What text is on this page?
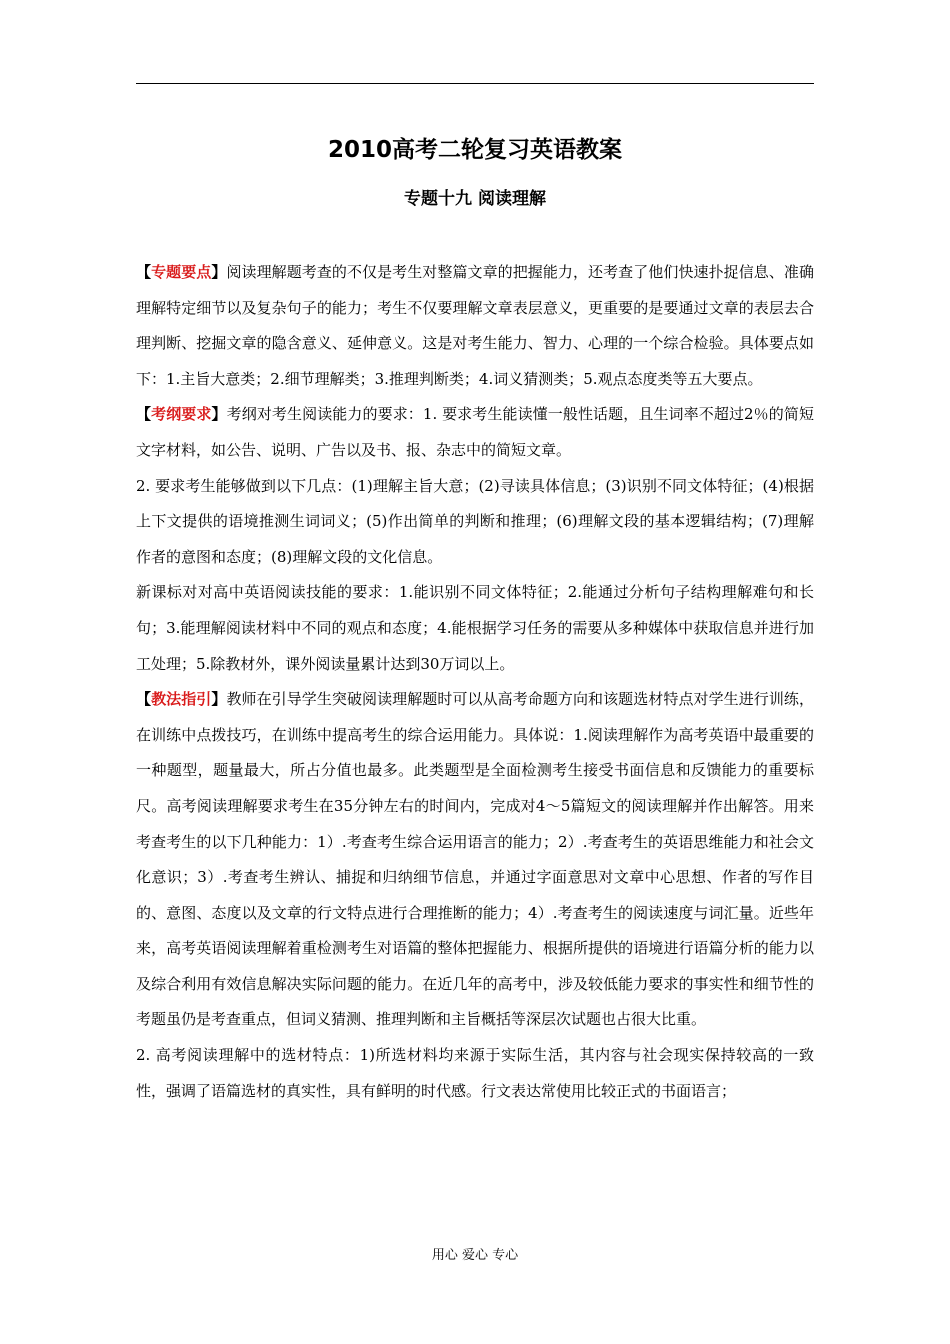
2010高考二轮复习英语教案
专题十九 阅读理解

【专题要点】阅读理解题考查的不仅是考生对整篇文章的把握能力，还考查了他们快速扑捉信息、准确理解特定细节以及复杂句子的能力；考生不仅要理解文章表层意义，更重要的是要通过文章的表层去合理判断、挖掘文章的隐含意义、延伸意义。这是对考生能力、智力、心理的一个综合检验。具体要点如下：1.主旨大意类；2.细节理解类；3.推理判断类；4.词义猜测类；5.观点态度类等五大要点。

【考纲要求】考纲对考生阅读能力的要求：1. 要求考生能读懂一般性话题，且生词率不超过2％的简短文字材料，如公告、说明、广告以及书、报、杂志中的简短文章。

2. 要求考生能够做到以下几点：(1)理解主旨大意；(2)寻读具体信息；(3)识别不同文体特征；(4)根据上下文提供的语境推测生词词义；(5)作出简单的判断和推理；(6)理解文段的基本逻辑结构；(7)理解作者的意图和态度；(8)理解文段的文化信息。

新课标对对高中英语阅读技能的要求：1.能识别不同文体特征；2.能通过分析句子结构理解难句和长句；3.能理解阅读材料中不同的观点和态度；4.能根据学习任务的需要从多种媒体中获取信息并进行加工处理；5.除教材外，课外阅读量累计达到30万词以上。

【教法指引】教师在引导学生突破阅读理解题时可以从高考命题方向和该题选材特点对学生进行训练，在训练中点拨技巧，在训练中提高考生的综合运用能力。具体说：1.阅读理解作为高考英语中最重要的一种题型，题量最大，所占分值也最多。此类题型是全面检测考生接受书面信息和反馈能力的重要标尺。高考阅读理解要求考生在35分钟左右的时间内，完成对4～5篇短文的阅读理解并作出解答。用来考查考生的以下几种能力：1）.考查考生综合运用语言的能力；2）.考查考生的英语思维能力和社会文化意识；3）.考查考生辨认、捕捉和归纳细节信息，并通过字面意思对文章中心思想、作者的写作目的、意图、态度以及文章的行文特点进行合理推断的能力；4）.考查考生的阅读速度与词汇量。近些年来，高考英语阅读理解着重检测考生对语篇的整体把握能力、根据所提供的语境进行语篇分析的能力以及综合利用有效信息解决实际问题的能力。在近几年的高考中，涉及较低能力要求的事实性和细节性的考题虽仍是考查重点，但词义猜测、推理判断和主旨概括等深层次试题也占很大比重。

2. 高考阅读理解中的选材特点：1)所选材料均来源于实际生活，其内容与社会现实保持较高的一致性，强调了语篇选材的真实性，具有鲜明的时代感。行文表达常使用比较正式的书面语言；

用心 爱心 专心
